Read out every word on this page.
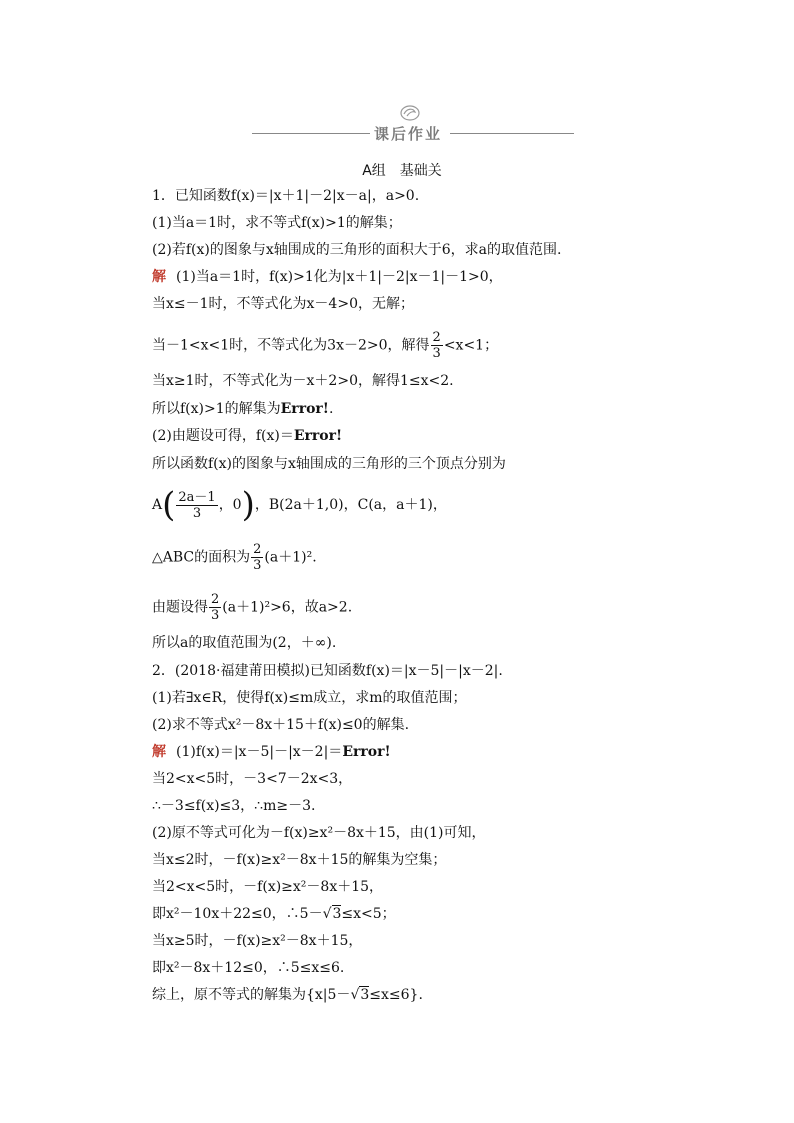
课后作业
A组　基础关
1．已知函数f(x)＝|x＋1|－2|x－a|，a>0.
(1)当a＝1时，求不等式f(x)>1的解集；
(2)若f(x)的图象与x轴围成的三角形的面积大于6，求a的取值范围.
解 (1)当a＝1时，f(x)>1化为|x＋1|－2|x－1|－1>0，
当x≤－1时，不等式化为x－4>0，无解；
当－1<x<1时，不等式化为3x－2>0，解得 $\frac{2}{3} <x<1$；
当x≥1时，不等式化为－x＋2>0，解得1≤x<2.
所以f(x)>1的解集为Error!.
(2)由题设可得，f(x)＝Error!
所以函数f(x)的图象与x轴围成的三角形的三个顶点分别为
$A( \frac{2a-1}{3}$ ，0)，B(2a＋1,0)，C(a，a＋1)，
△ABC的面积为 $\frac{2}{3} (a+1)^2$.
由题设得 $\frac{2}{3} (a+1)^2>6$，故a>2.
所以a的取值范围为(2，＋∞).
2．(2018·福建莆田模拟)已知函数f(x)＝|x－5|－|x－2|.
(1)若∃x∈R，使得f(x)≤m成立，求m的取值范围；
(2)求不等式x²－8x＋15＋f(x)≤0的解集.
解 (1)f(x)＝|x－5|－|x－2|＝Error!
当2<x<5时，－3<7－2x<3，
∴－3≤f(x)≤3，∴m≥－3.
(2)原不等式可化为－f(x)≥x²－8x＋15，由(1)可知，
当x≤2时，－f(x)≥x²－8x＋15的解集为空集；
当2<x<5时，－f(x)≥x²－8x＋15，
即x²－10x＋22≤0，∴5－√3≤x<5；
当x≥5时，－f(x)≥x²－8x＋15，
即x²－8x＋12≤0，∴5≤x≤6.
综上，原不等式的解集为{x|5－√3≤x≤6}.
